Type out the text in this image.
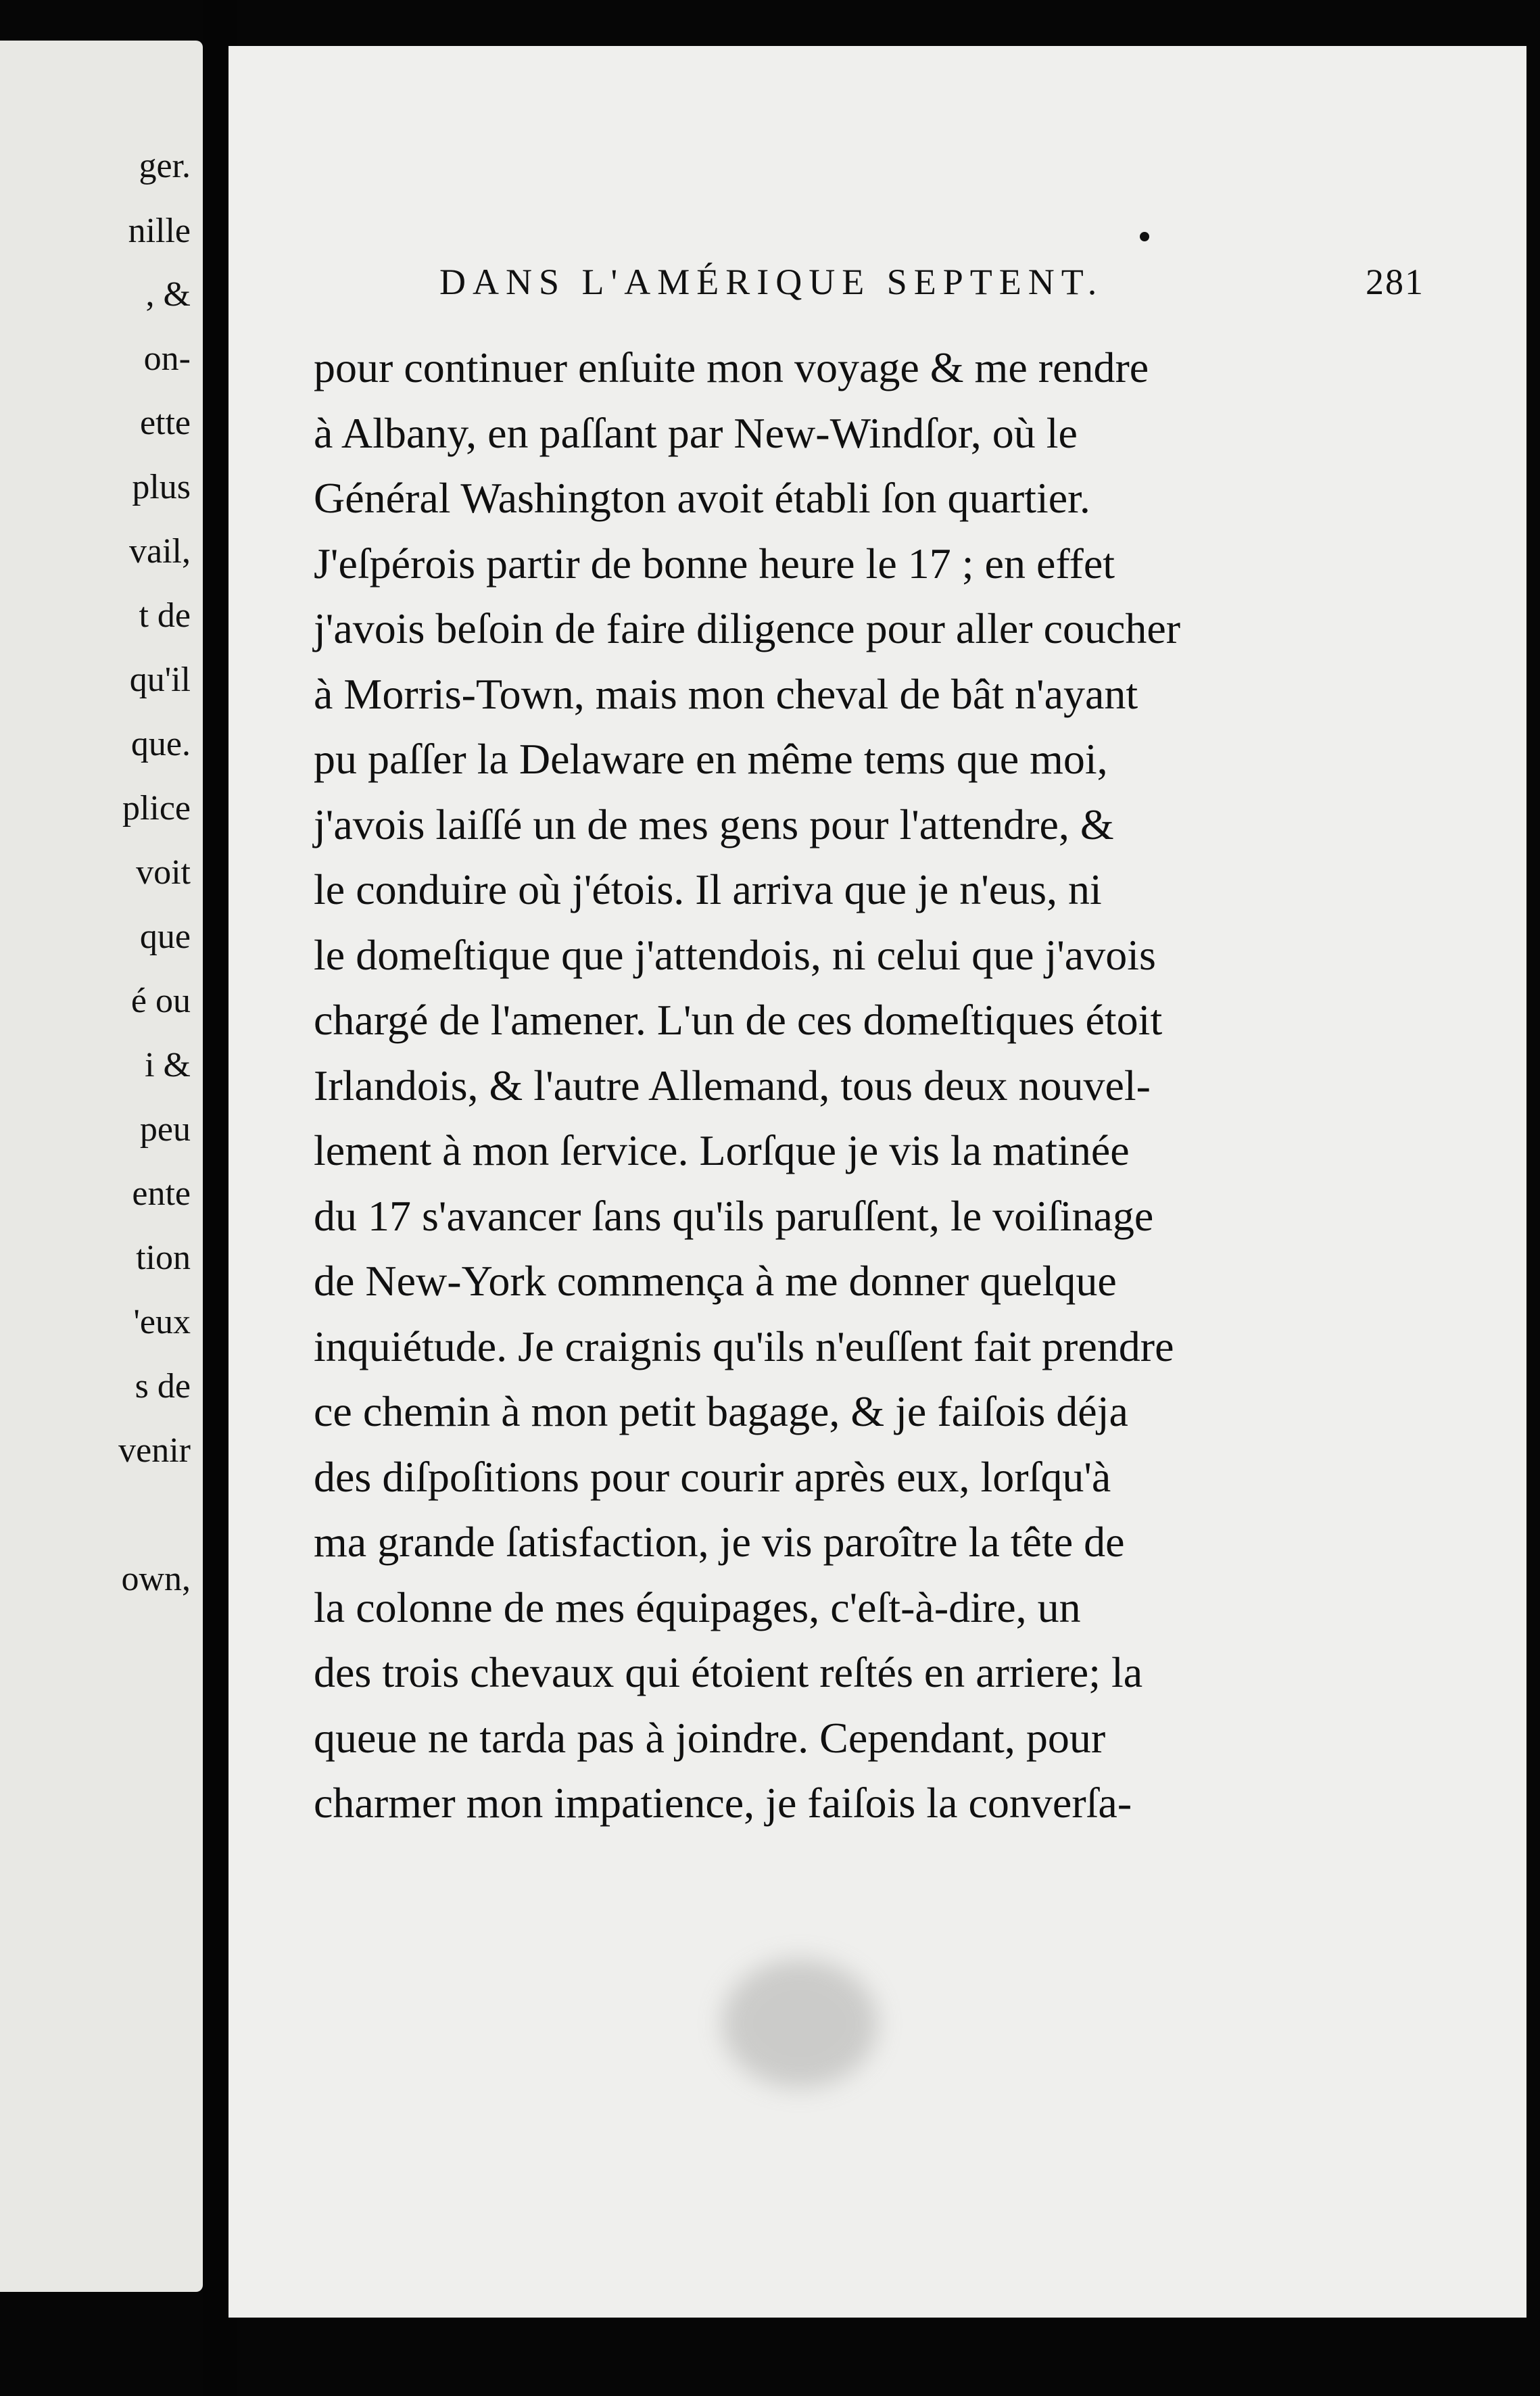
ger.
nille
, &
on-
ette
plus
vail,
t de
qu'il
que.
plice
voit
que
é ou
i &
peu
ente
tion
'eux
s de
venir
own,
DANS L'AMÉRIQUE SEPTENT.	281
pour continuer enſuite mon voyage & me rendre
à Albany, en paſſant par New-Windſor, où le
Général Washington avoit établi ſon quartier.
J'eſpérois partir de bonne heure le 17 ; en effet
j'avois beſoin de faire diligence pour aller coucher
à Morris-Town, mais mon cheval de bât n'ayant
pu paſſer la Delaware en même tems que moi,
j'avois laiſſé un de mes gens pour l'attendre, &
le conduire où j'étois. Il arriva que je n'eus, ni
le domeſtique que j'attendois, ni celui que j'avois
chargé de l'amener. L'un de ces domeſtiques étoit
Irlandois, & l'autre Allemand, tous deux nouvel-
lement à mon ſervice. Lorſque je vis la matinée
du 17 s'avancer ſans qu'ils paruſſent, le voiſinage
de New-York commença à me donner quelque
inquiétude. Je craignis qu'ils n'euſſent fait prendre
ce chemin à mon petit bagage, & je faiſois déja
des diſpoſitions pour courir après eux, lorſqu'à
ma grande ſatisfaction, je vis paroître la tête de
la colonne de mes équipages, c'eſt-à-dire, un
des trois chevaux qui étoient reſtés en arriere; la
queue ne tarda pas à joindre. Cependant, pour
charmer mon impatience, je faiſois la converſa-
